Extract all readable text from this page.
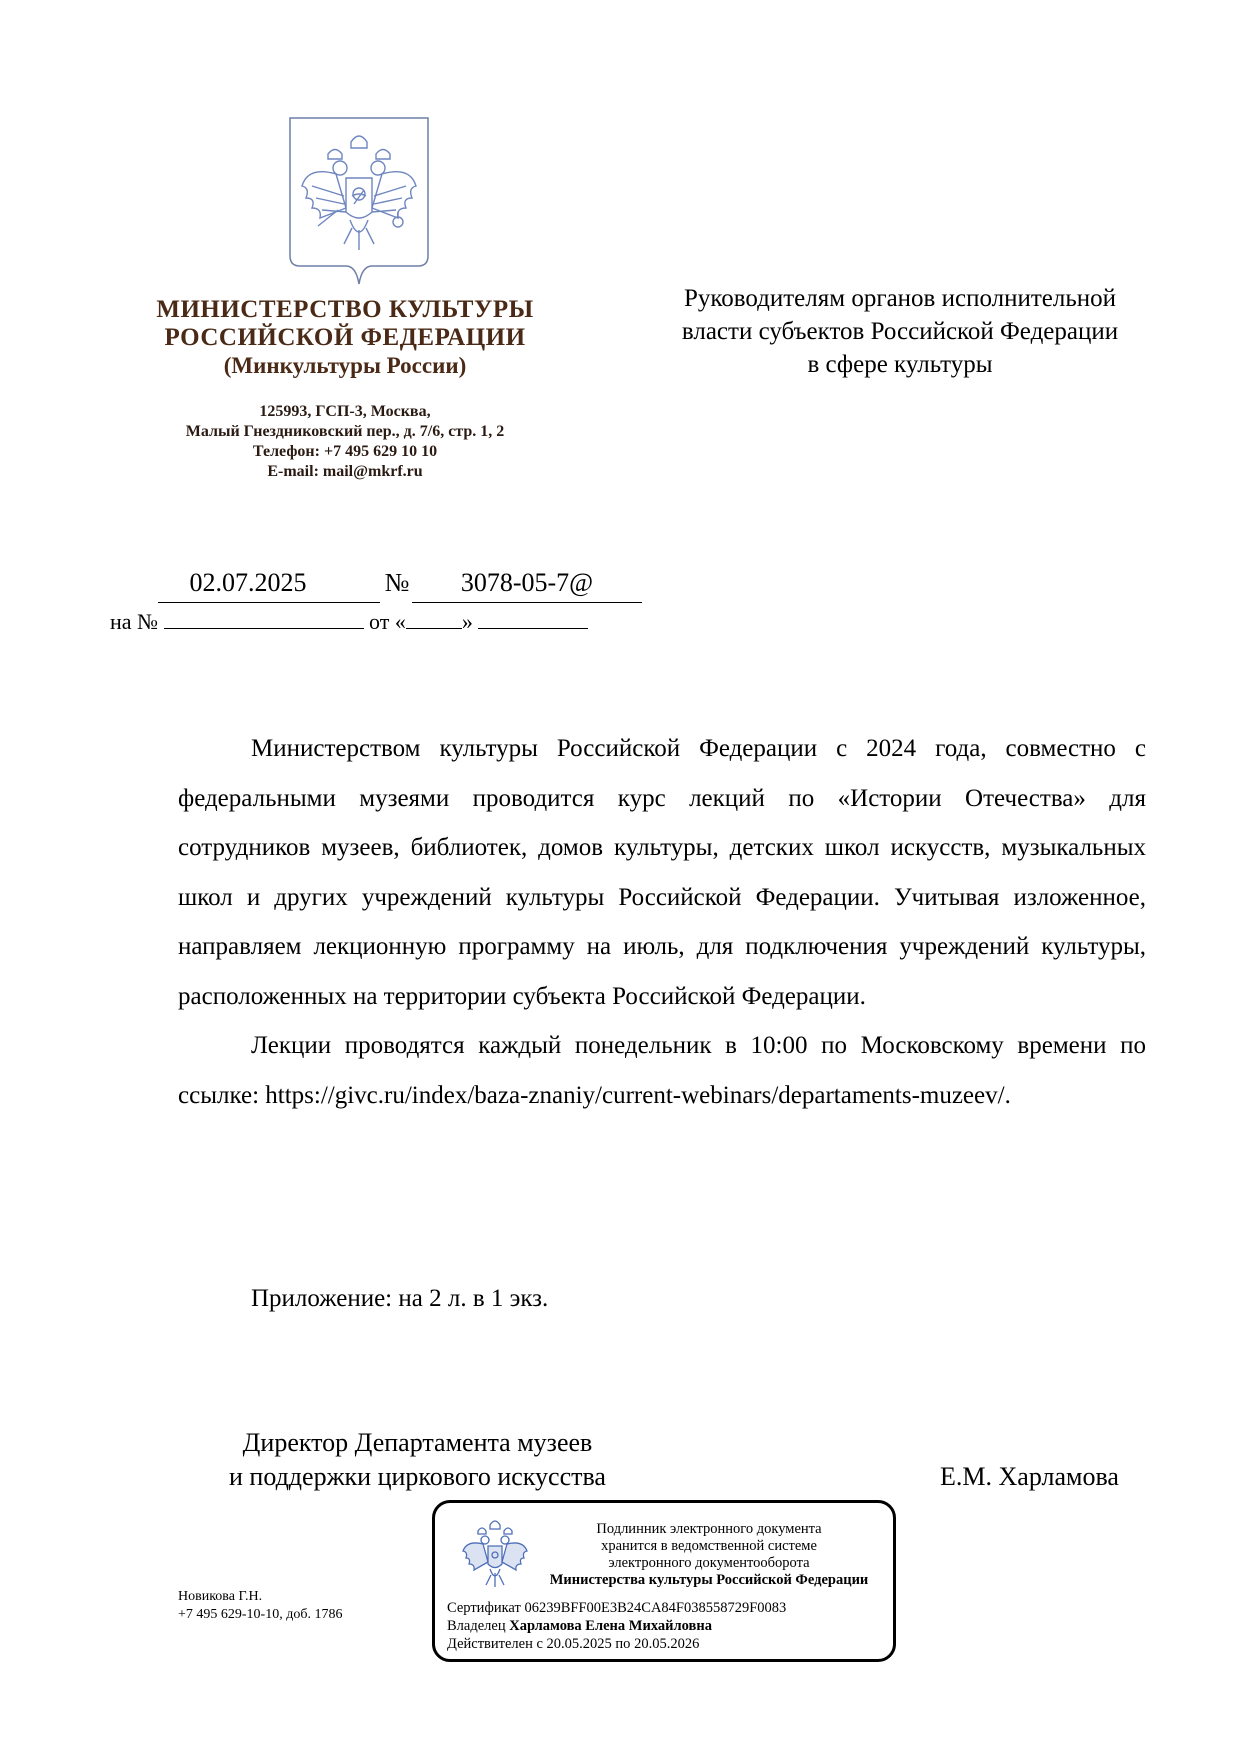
МИНИСТЕРСТВО КУЛЬТУРЫ
РОССИЙСКОЙ ФЕДЕРАЦИИ
(Минкультуры России)
125993, ГСП-3, Москва,
Малый Гнездниковский пер., д. 7/6, стр. 1, 2
Телефон: +7 495 629 10 10
E-mail: mail@mkrf.ru
Руководителям органов исполнительной
власти субъектов Российской Федерации
в сфере культуры
02.07.2025	№	3078-05-7@
на №	от «	»

Министерством культуры Российской Федерации с 2024 года, совместно с федеральными музеями проводится курс лекций по «Истории Отечества» для сотрудников музеев, библиотек, домов культуры, детских школ искусств, музыкальных школ и других учреждений культуры Российской Федерации. Учитывая изложенное, направляем лекционную программу на июль, для подключения учреждений культуры, расположенных на территории субъекта Российской Федерации.

Лекции проводятся каждый понедельник в 10:00 по Московскому времени по ссылке: https://givc.ru/index/baza-znaniy/current-webinars/departaments-muzeev/.

Приложение: на 2 л. в 1 экз.
Директор Департамента музеев
и поддержки циркового искусства	Е.М. Харламова
Новикова Г.Н.
+7 495 629-10-10, доб. 1786
Подлинник электронного документа
хранится в ведомственной системе
электронного документооборота
Министерства культуры Российской Федерации
Сертификат 06239BFF00E3B24CA84F038558729F0083
Владелец Харламова Елена Михайловна
Действителен с 20.05.2025 по 20.05.2026
